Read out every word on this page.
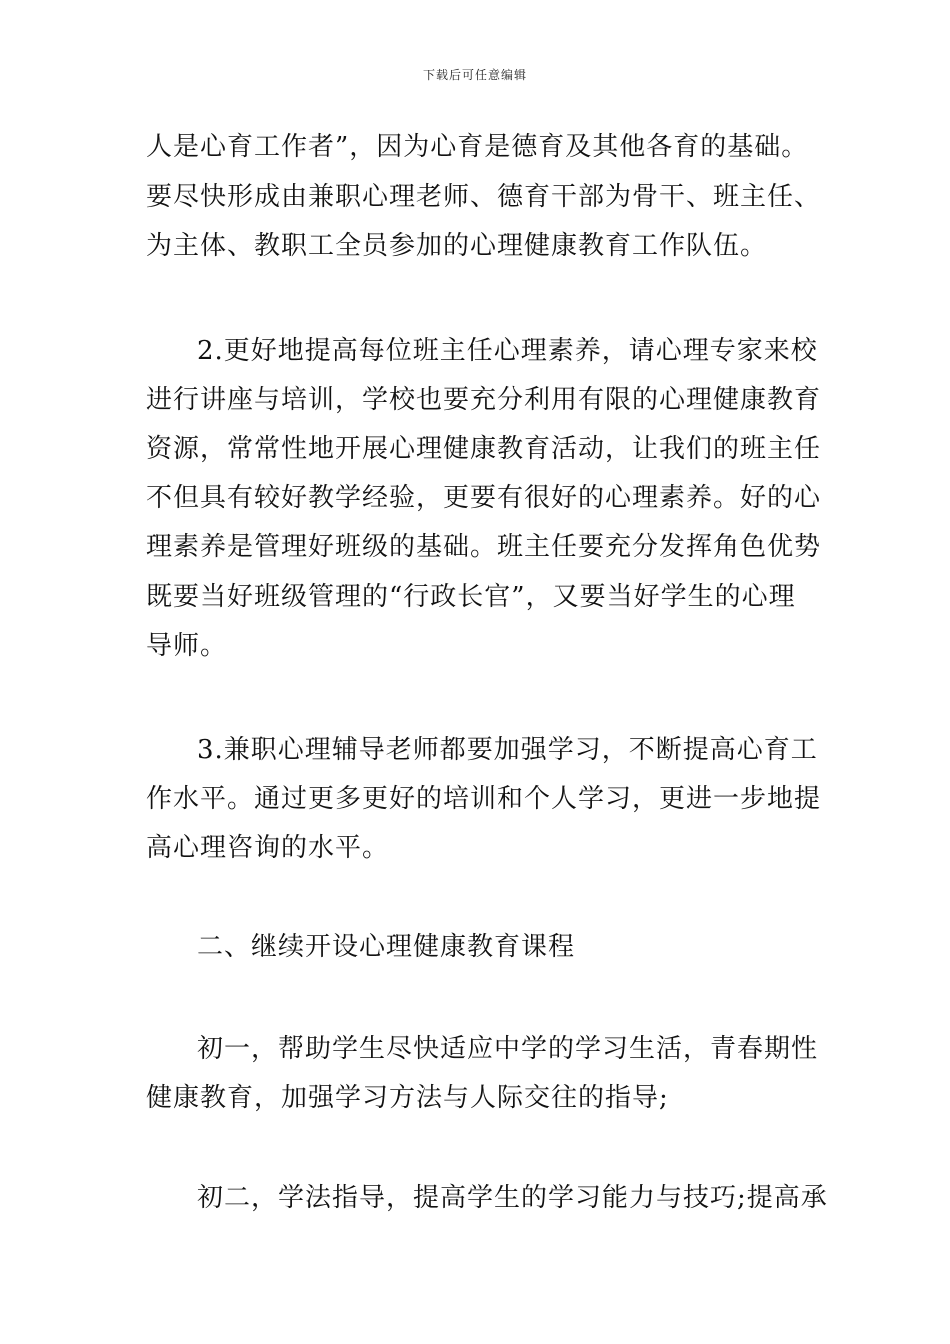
下载后可任意编辑
人是心育工作者”，因为心育是德育及其他各育的基础。
要尽快形成由兼职心理老师、德育干部为骨干、班主任、
为主体、教职工全员参加的心理健康教育工作队伍。
2.更好地提高每位班主任心理素养，请心理专家来校
进行讲座与培训，学校也要充分利用有限的心理健康教育
资源，常常性地开展心理健康教育活动，让我们的班主任
不但具有较好教学经验，更要有很好的心理素养。好的心
理素养是管理好班级的基础。班主任要充分发挥角色优势
既要当好班级管理的“行政长官”，又要当好学生的心理
导师。
3.兼职心理辅导老师都要加强学习，不断提高心育工
作水平。通过更多更好的培训和个人学习，更进一步地提
高心理咨询的水平。
二、继续开设心理健康教育课程
初一，帮助学生尽快适应中学的学习生活，青春期性
健康教育，加强学习方法与人际交往的指导;
初二，学法指导，提高学生的学习能力与技巧;提高承
